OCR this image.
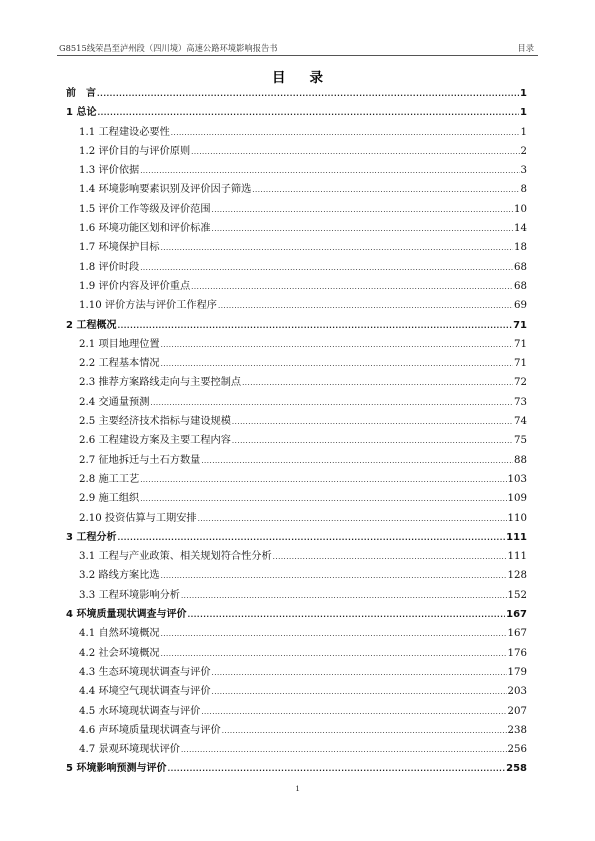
G8515线荣昌至泸州段（四川境）高速公路环境影响报告书	目录
目录
前　言 .....	1
1 总论 .....	1
1.1 工程建设必要性 .....	1
1.2 评价目的与评价原则 .....	2
1.3 评价依据 .....	3
1.4 环境影响要素识别及评价因子筛选 .....	8
1.5 评价工作等级及评价范围 .....	10
1.6 环境功能区划和评价标准 .....	14
1.7 环境保护目标 .....	18
1.8 评价时段 .....	68
1.9 评价内容及评价重点 .....	68
1.10 评价方法与评价工作程序 .....	69
2 工程概况 .....	71
2.1 项目地理位置 .....	71
2.2 工程基本情况 .....	71
2.3 推荐方案路线走向与主要控制点 .....	72
2.4 交通量预测 .....	73
2.5 主要经济技术指标与建设规模 .....	74
2.6 工程建设方案及主要工程内容 .....	75
2.7 征地拆迁与土石方数量 .....	88
2.8 施工工艺 .....	103
2.9 施工组织 .....	109
2.10 投资估算与工期安排 .....	110
3 工程分析 .....	111
3.1 工程与产业政策、相关规划符合性分析 .....	111
3.2 路线方案比选 .....	128
3.3 工程环境影响分析 .....	152
4 环境质量现状调查与评价 .....	167
4.1 自然环境概况 .....	167
4.2 社会环境概况 .....	176
4.3 生态环境现状调查与评价 .....	179
4.4 环境空气现状调查与评价 .....	203
4.5 水环境现状调查与评价 .....	207
4.6 声环境质量现状调查与评价 .....	238
4.7 景观环境现状评价 .....	256
5 环境影响预测与评价 .....	258
1
